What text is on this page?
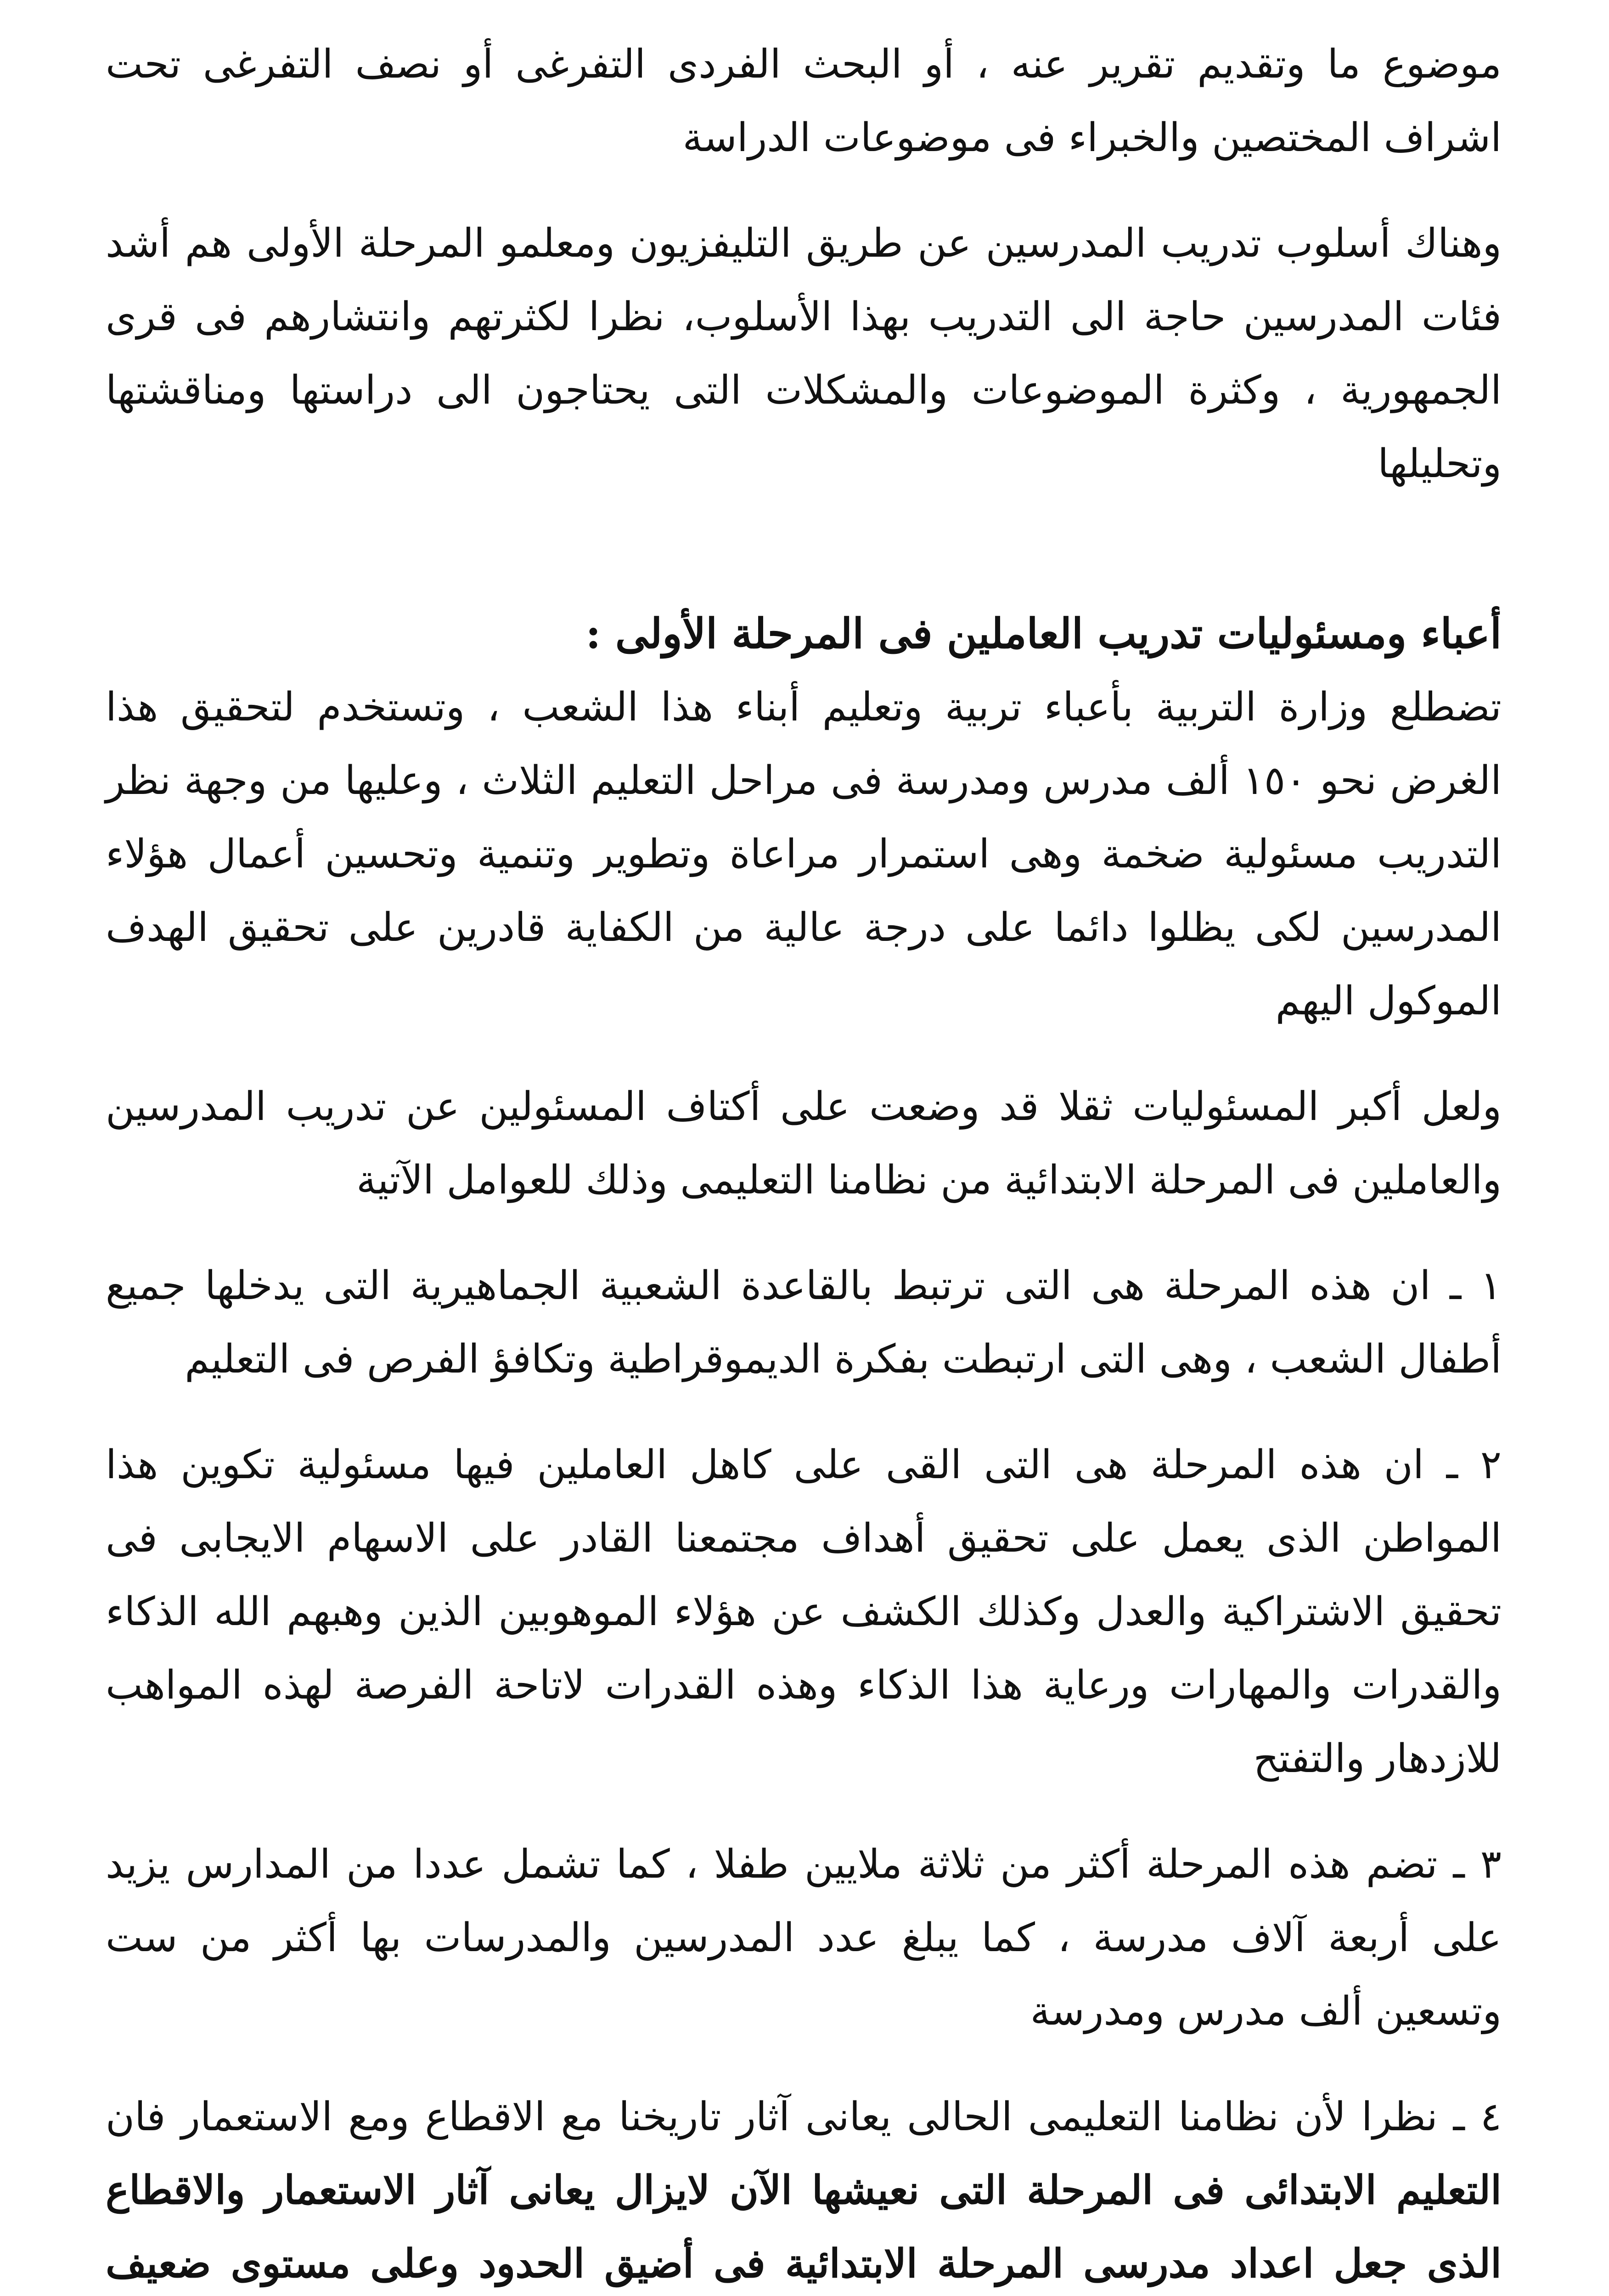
موضوع ما وتقديم تقرير عنه ، أو البحث الفردى التفرغى أو نصف التفرغى تحت اشراف المختصين والخبراء فى موضوعات الدراسة

وهناك أسلوب تدريب المدرسين عن طريق التليفزيون ومعلمو المرحلة الأولى هم أشد فئات المدرسين حاجة الى التدريب بهذا الأسلوب، نظرا لكثرتهم وانتشارهم فى قرى الجمهورية ، وكثرة الموضوعات والمشكلات التى يحتاجون الى دراستها ومناقشتها وتحليلها

أعباء ومسئوليات تدريب العاملين فى المرحلة الأولى :

تضطلع وزارة التربية بأعباء تربية وتعليم أبناء هذا الشعب ، وتستخدم لتحقيق هذا الغرض نحو ١٥٠ ألف مدرس ومدرسة فى مراحل التعليم الثلاث ، وعليها من وجهة نظر التدريب مسئولية ضخمة وهى استمرار مراعاة وتطوير وتنمية وتحسين أعمال هؤلاء المدرسين لكى يظلوا دائما على درجة عالية من الكفاية قادرين على تحقيق الهدف الموكول اليهم

ولعل أكبر المسئوليات ثقلا قد وضعت على أكتاف المسئولين عن تدريب المدرسين والعاملين فى المرحلة الابتدائية من نظامنا التعليمى وذلك للعوامل الآتية

١ ـ ان هذه المرحلة هى التى ترتبط بالقاعدة الشعبية الجماهيرية التى يدخلها جميع أطفال الشعب ، وهى التى ارتبطت بفكرة الديموقراطية وتكافؤ الفرص فى التعليم

٢ ـ ان هذه المرحلة هى التى القى على كاهل العاملين فيها مسئولية تكوين هذا المواطن الذى يعمل على تحقيق أهداف مجتمعنا القادر على الاسهام الايجابى فى تحقيق الاشتراكية والعدل وكذلك الكشف عن هؤلاء الموهوبين الذين وهبهم الله الذكاء والقدرات والمهارات ورعاية هذا الذكاء وهذه القدرات لاتاحة الفرصة لهذه المواهب للازدهار والتفتح

٣ ـ تضم هذه المرحلة أكثر من ثلاثة ملايين طفلا ، كما تشمل عددا من المدارس يزيد على أربعة آلاف مدرسة ، كما يبلغ عدد المدرسين والمدرسات بها أكثر من ست وتسعين ألف مدرس ومدرسة

٤ ـ نظرا لأن نظامنا التعليمى الحالى يعانى آثار تاريخنا مع الاقطاع ومع الاستعمار فان التعليم الابتدائى فى المرحلة التى نعيشها الآن لايزال يعانى آثار الاستعمار والاقطاع الذى جعل اعداد مدرسى المرحلة الابتدائية فى أضيق الحدود وعلى مستوى ضعيف
